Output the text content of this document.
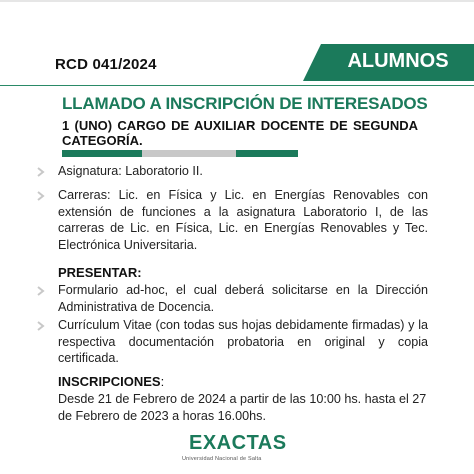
RCD 041/2024	ALUMNOS
LLAMADO A INSCRIPCIÓN DE INTERESADOS
1 (UNO) CARGO DE AUXILIAR DOCENTE DE SEGUNDA CATEGORÍA.
Asignatura: Laboratorio II.
Carreras: Lic. en Física y Lic. en Energías Renovables con extensión de funciones a la asignatura Laboratorio I, de las carreras de Lic. en Física, Lic. en Energías Renovables y Tec. Electrónica Universitaria.
PRESENTAR:
Formulario ad-hoc, el cual deberá solicitarse en la Dirección Administrativa de Docencia.
Currículum Vitae (con todas sus hojas debidamente firmadas) y la respectiva documentación probatoria en original y copia certificada.
INSCRIPCIONES:
Desde 21 de Febrero de 2024 a partir de las 10:00 hs. hasta el 27 de Febrero de 2023 a horas 16.00hs.
EXACTAS
Universidad Nacional de Salta
